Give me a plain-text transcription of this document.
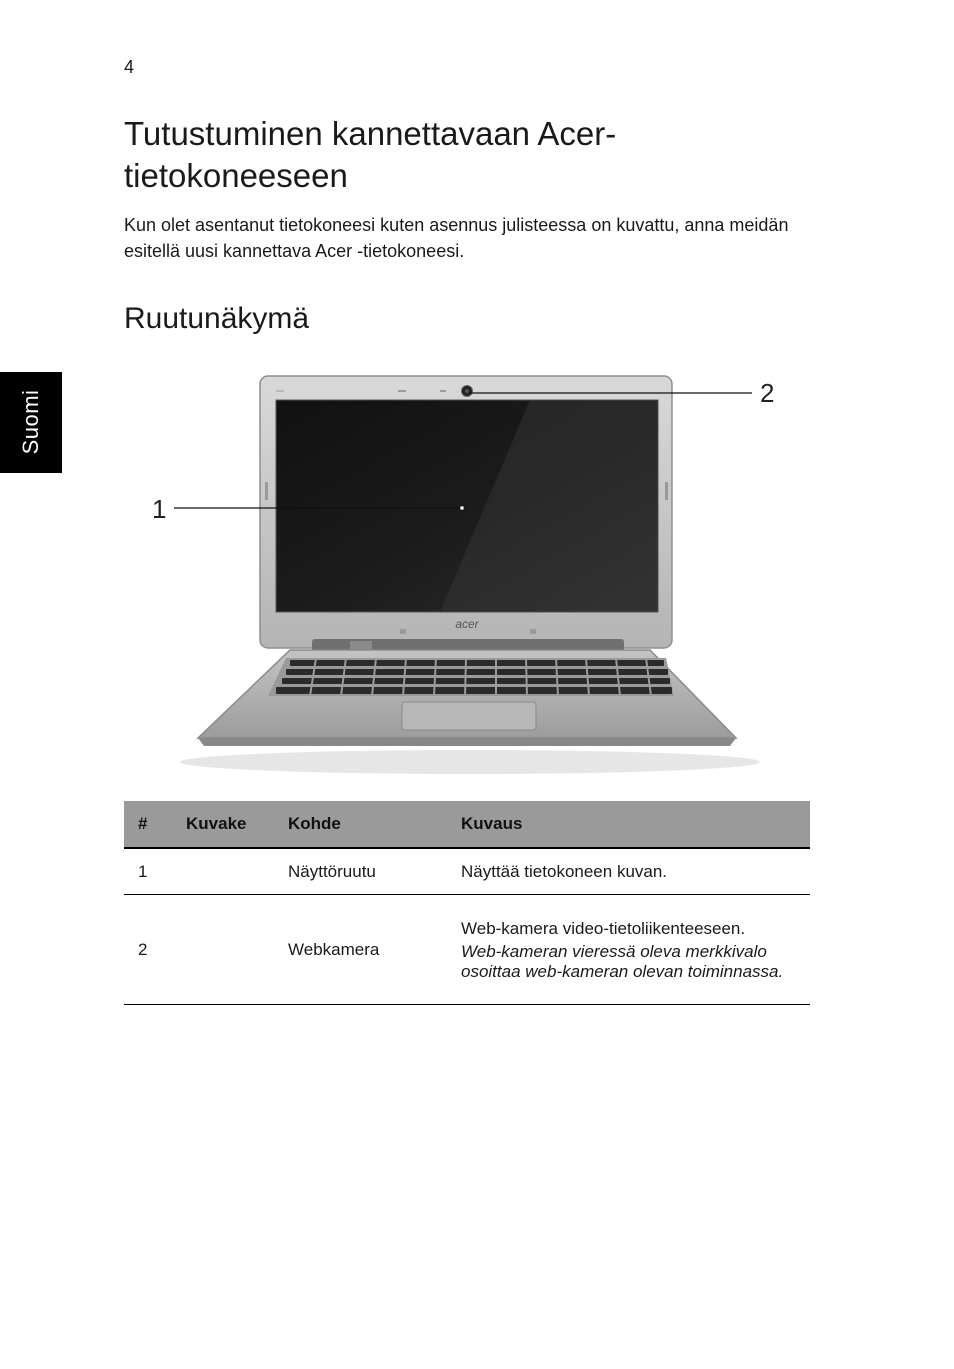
4
Suomi
Tutustuminen kannettavaan Acer-tietokoneeseen

Kun olet asentanut tietokoneesi kuten asennus julisteessa on kuvattu, anna meidän esitellä uusi kannettava Acer -tietokoneesi.

Ruutunäkymä
acer
1
2
#	Kuvake	Kohde	Kuvaus
1		Näyttöruutu	Näyttää tietokoneen kuvan.

2		Webkamera	Web-kamera video-tietoliikenteeseen.
Web-kameran vieressä oleva merkkivalo osoittaa web-kameran olevan toiminnassa.
